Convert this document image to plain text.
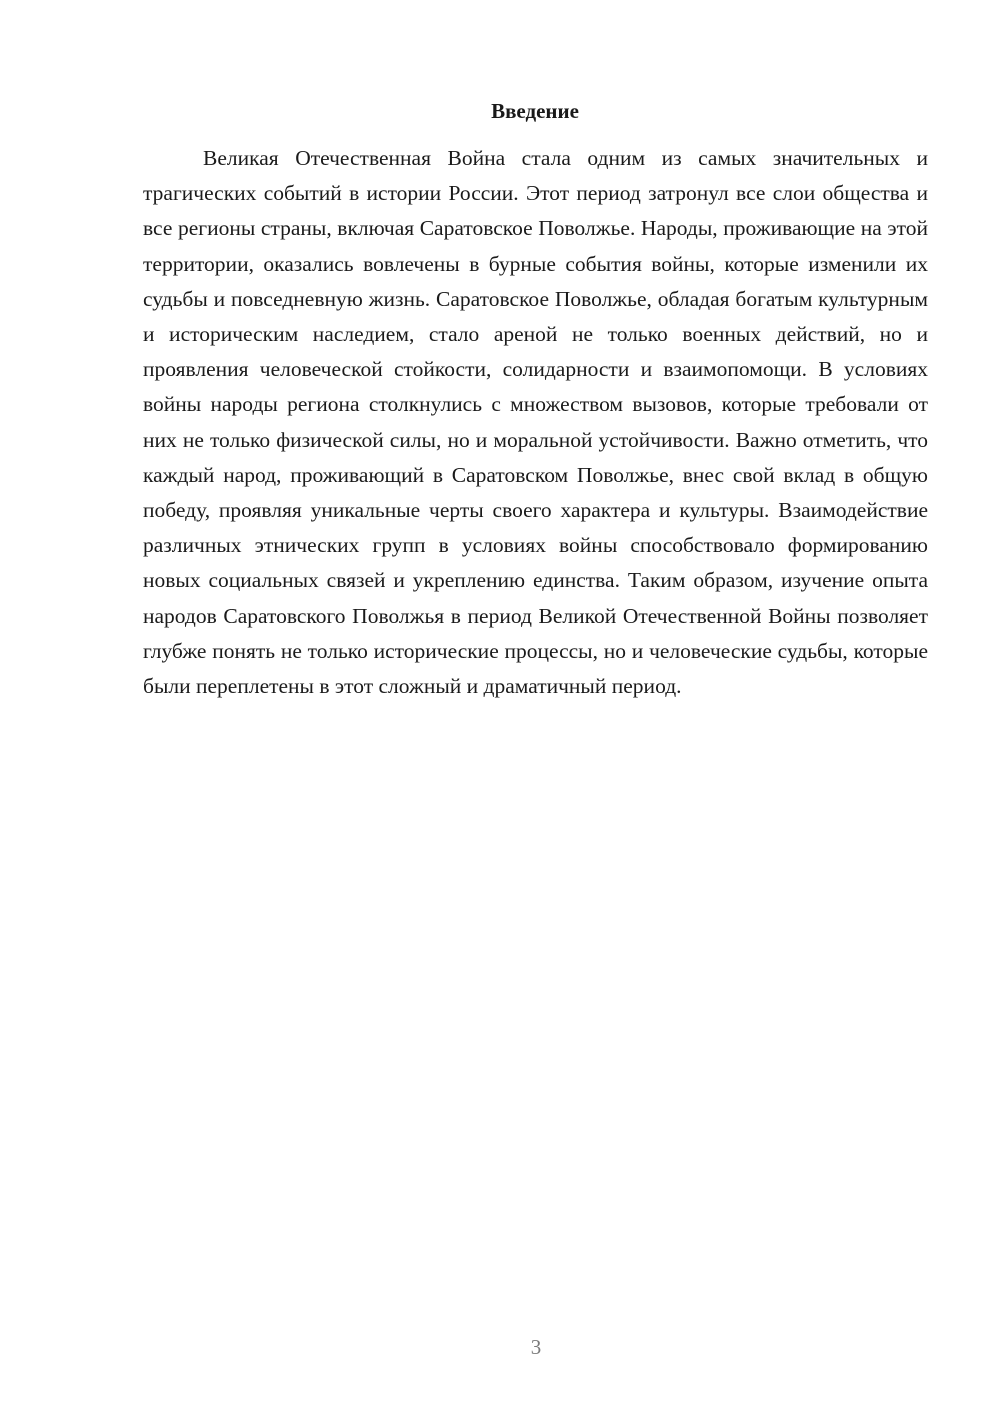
Введение

Великая Отечественная Война стала одним из самых значительных и трагических событий в истории России. Этот период затронул все слои общества и все регионы страны, включая Саратовское Поволжье. Народы, проживающие на этой территории, оказались вовлечены в бурные события войны, которые изменили их судьбы и повседневную жизнь. Саратовское Поволжье, обладая богатым культурным и историческим наследием, стало ареной не только военных действий, но и проявления человеческой стойкости, солидарности и взаимопомощи. В условиях войны народы региона столкнулись с множеством вызовов, которые требовали от них не только физической силы, но и моральной устойчивости. Важно отметить, что каждый народ, проживающий в Саратовском Поволжье, внес свой вклад в общую победу, проявляя уникальные черты своего характера и культуры. Взаимодействие различных этнических групп в условиях войны способствовало формированию новых социальных связей и укреплению единства. Таким образом, изучение опыта народов Саратовского Поволжья в период Великой Отечественной Войны позволяет глубже понять не только исторические процессы, но и человеческие судьбы, которые были переплетены в этот сложный и драматичный период.

3
